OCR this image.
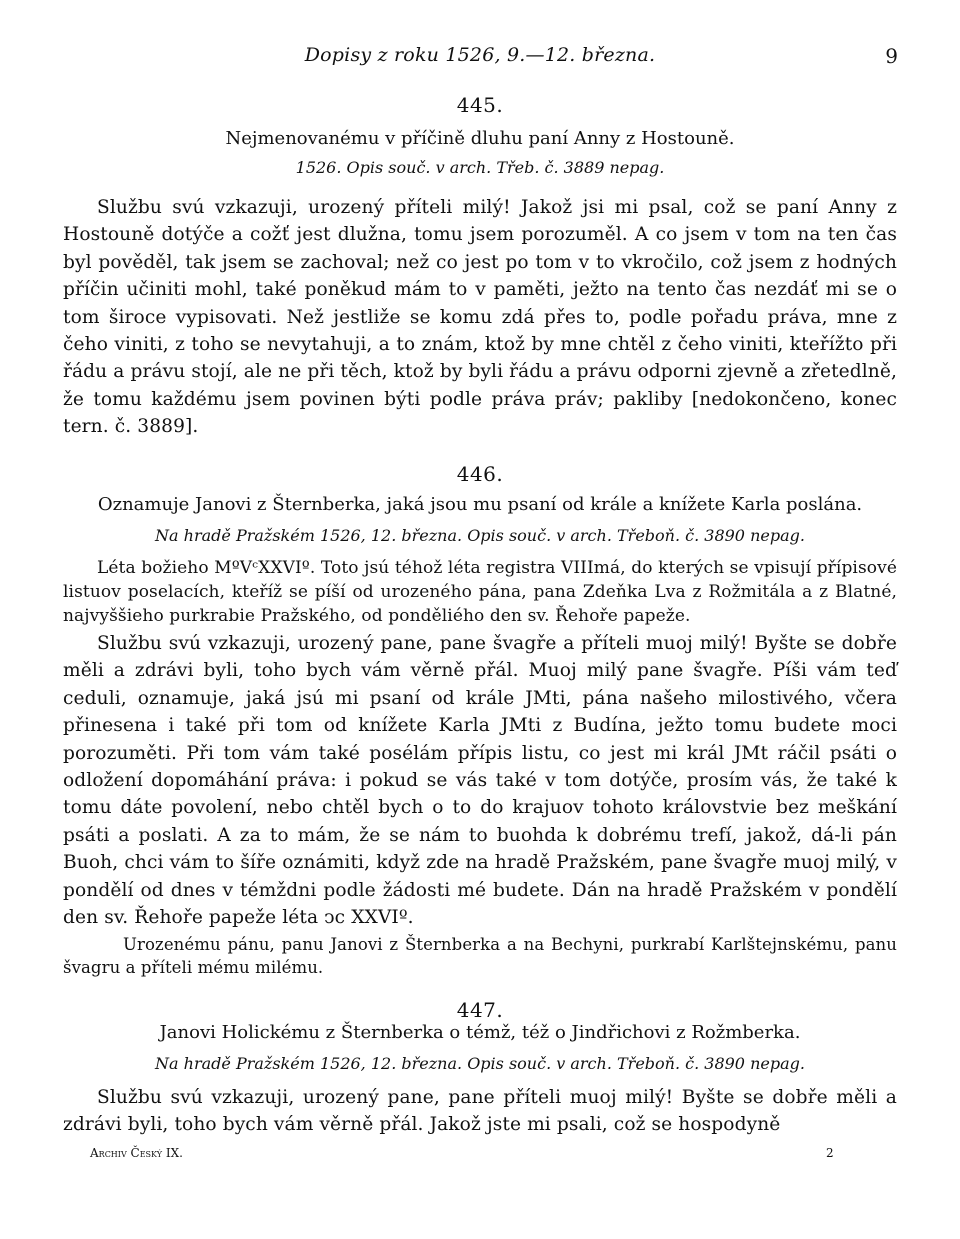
Dopisy z roku 1526, 9.—12. března.	9
445.
Nejmenovanému v příčině dluhu paní Anny z Hostouně.
1526. Opis souč. v arch. Třeb. č. 3889 nepag.

Službu svú vzkazuji, urozený příteli milý! Jakož jsi mi psal, což se paní Anny z Hostouně dotýče a cožť jest dlužna, tomu jsem porozuměl. A co jsem v tom na ten čas byl pověděl, tak jsem se zachoval; než co jest po tom v to vkročilo, což jsem z hodných příčin učiniti mohl, také poněkud mám to v paměti, ježto na tento čas nezdáť mi se o tom široce vypisovati. Než jestliže se komu zdá přes to, podle pořadu práva, mne z čeho viniti, z toho se nevytahuji, a to znám, ktož by mne chtěl z čeho viniti, kteřížto při řádu a právu stojí, ale ne při těch, ktož by byli řádu a právu odporni zjevně a zřetedlně, že tomu každému jsem povinen býti podle práva práv; pakliby [nedokončeno, konec tern. č. 3889].

446.
Oznamuje Janovi z Šternberka, jaká jsou mu psaní od krále a knížete Karla poslána.
Na hradě Pražském 1526, 12. března. Opis souč. v arch. Třeboň. č. 3890 nepag.

Léta božieho MºVᶜXXVIº. Toto jsú téhož léta registra VIIImá, do kterých se vpisují přípisové listuov poselacích, kteříž se píší od urozeného pána, pana Zdeňka Lva z Rožmitála a z Blatné, najvyššieho purkrabie Pražského, od ponděliého den sv. Řehoře papeže.

Službu svú vzkazuji, urozený pane, pane švagře a příteli muoj milý! Byšte se dobře měli a zdrávi byli, toho bych vám věrně přál. Muoj milý pane švagře. Píši vám teď ceduli, oznamuje, jaká jsú mi psaní od krále JMti, pána našeho milostivého, včera přinesena i také při tom od knížete Karla JMti z Budína, ježto tomu budete moci porozuměti. Při tom vám také posélám přípis listu, co jest mi král JMt ráčil psáti o odložení dopomáhání práva: i pokud se vás také v tom dotýče, prosím vás, že také k tomu dáte povolení, nebo chtěl bych o to do krajuov tohoto královstvie bez meškání psáti a poslati. A za to mám, že se nám to buohda k dobrému trefí, jakož, dá-li pán Buoh, chci vám to šíře oznámiti, když zde na hradě Pražském, pane švagře muoj milý, v pondělí od dnes v témždni podle žádosti mé budete. Dán na hradě Pražském v pondělí den sv. Řehoře papeže léta ͻc XXVIº.

Urozenému pánu, panu Janovi z Šternberka a na Bechyni, purkrabí Karlštejnskému, panu švagru a příteli mému milému.

447.
Janovi Holickému z Šternberka o témž, též o Jindřichovi z Rožmberka.
Na hradě Pražském 1526, 12. března. Opis souč. v arch. Třeboň. č. 3890 nepag.

Službu svú vzkazuji, urozený pane, pane příteli muoj milý! Byšte se dobře měli a zdrávi byli, toho bych vám věrně přál. Jakož jste mi psali, což se hospodyně

Archiv Český IX.	2
